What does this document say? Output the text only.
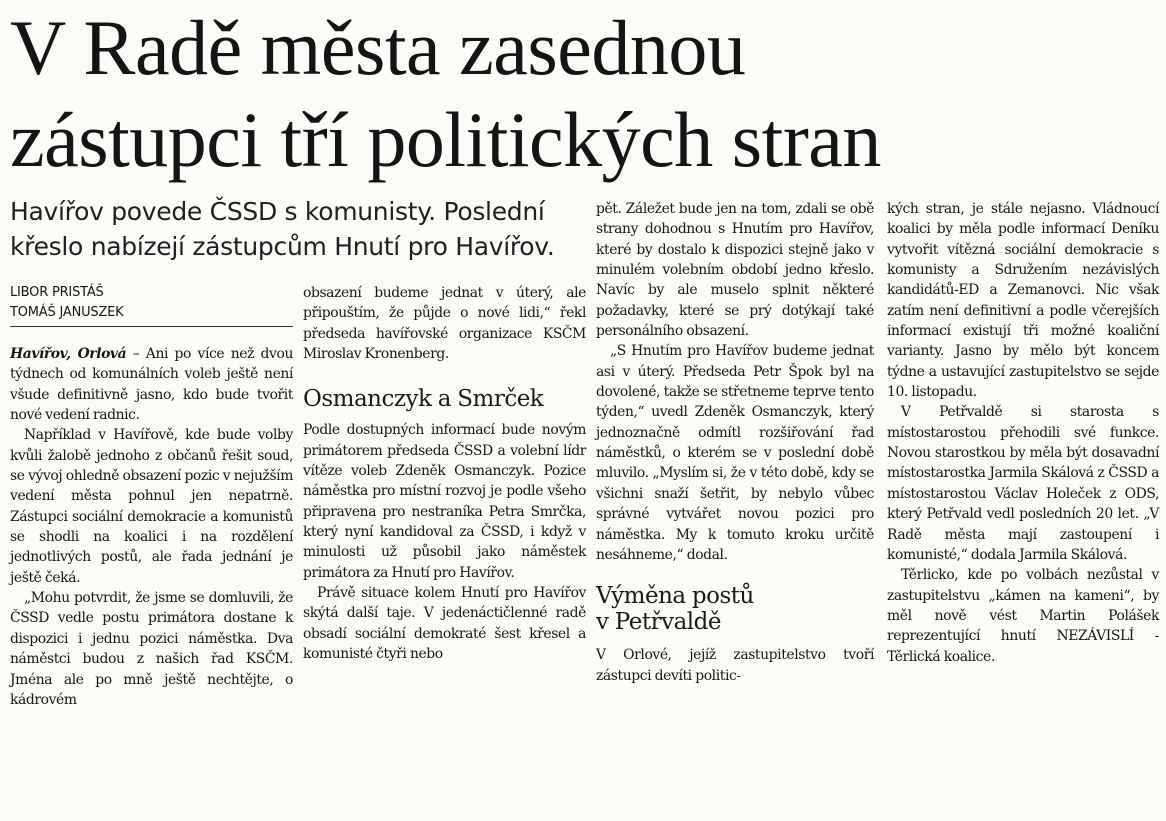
V Radě města zasednou
zástupci tří politických stran
Havířov povede ČSSD s komunisty. Poslední
křeslo nabízejí zástupcům Hnutí pro Havířov.
LIBOR PRISTÁŠ
TOMÁŠ JANUSZEK

Havířov, Orlová – Ani po více než dvou týdnech od komunálních voleb ještě není všude definitivně jasno, kdo bude tvořit nové vedení radnic.

Například v Havířově, kde bude volby kvůli žalobě jednoho z občanů řešit soud, se vývoj ohledně obsazení pozic v nejužším vedení města pohnul jen nepatrně. Zástupci sociální demokracie a komunistů se shodli na koalici i na rozdělení jednotlivých postů, ale řada jednání je ještě čeká.

„Mohu potvrdit, že jsme se domluvili, že ČSSD vedle postu primátora dostane k dispozici i jednu pozici náměstka. Dva náměstci budou z našich řad KSČM. Jména ale po mně ještě nechtějte, o kádrovém

obsazení budeme jednat v úterý, ale připouštím, že půjde o nové lidi,“ řekl předseda havířovské organizace KSČM Miroslav Kronenberg.

Osmanczyk a Smrček

Podle dostupných informací bude novým primátorem předseda ČSSD a volební lídr vítěze voleb Zdeněk Osmanczyk. Pozice náměstka pro místní rozvoj je podle všeho připravena pro nestraníka Petra Smrčka, který nyní kandidoval za ČSSD, i když v minulosti už působil jako náměstek primátora za Hnutí pro Havířov.

Právě situace kolem Hnutí pro Havířov skýtá další taje. V jedenáctičlenné radě obsadí sociální demokraté šest křesel a komunisté čtyři nebo

pět. Záležet bude jen na tom, zdali se obě strany dohodnou s Hnutím pro Havířov, které by dostalo k dispozici stejně jako v minulém volebním období jedno křeslo. Navíc by ale muselo splnit některé požadavky, které se prý dotýkají také personálního obsazení.

„S Hnutím pro Havířov budeme jednat asi v úterý. Předseda Petr Špok byl na dovolené, takže se střetneme teprve tento týden,“ uvedl Zdeněk Osmanczyk, který jednoznačně odmítl rozšiřování řad náměstků, o kterém se v poslední době mluvilo. „Myslím si, že v této době, kdy se všichni snaží šetřit, by nebylo vůbec správné vytvářet novou pozici pro náměstka. My k tomuto kroku určitě nesáhneme,“ dodal.

Výměna postů
v Petřvaldě

V Orlové, jejíž zastupitelstvo tvoří zástupci devíti politic-

kých stran, je stále nejasno. Vládnoucí koalici by měla podle informací Deníku vytvořit vítězná sociální demokracie s komunisty a Sdružením nezávislých kandidátů-ED a Zemanovci. Nic však zatím není definitivní a podle včerejších informací existují tři možné koaliční varianty. Jasno by mělo být koncem týdne a ustavující zastupitelstvo se sejde 10. listopadu.

V Petřvaldě si starosta s místostarostou přehodili své funkce. Novou starostkou by měla být dosavadní místostarostka Jarmila Skálová z ČSSD a místostarostou Václav Holeček z ODS, který Petřvald vedl posledních 20 let. „V Radě města mají zastoupení i komunisté,“ dodala Jarmila Skálová.

Těrlicko, kde po volbách nezůstal v zastupitelstvu „kámen na kameni“, by měl nově vést Martin Polášek reprezentující hnutí NEZÁVISLÍ - Těrlická koalice.
